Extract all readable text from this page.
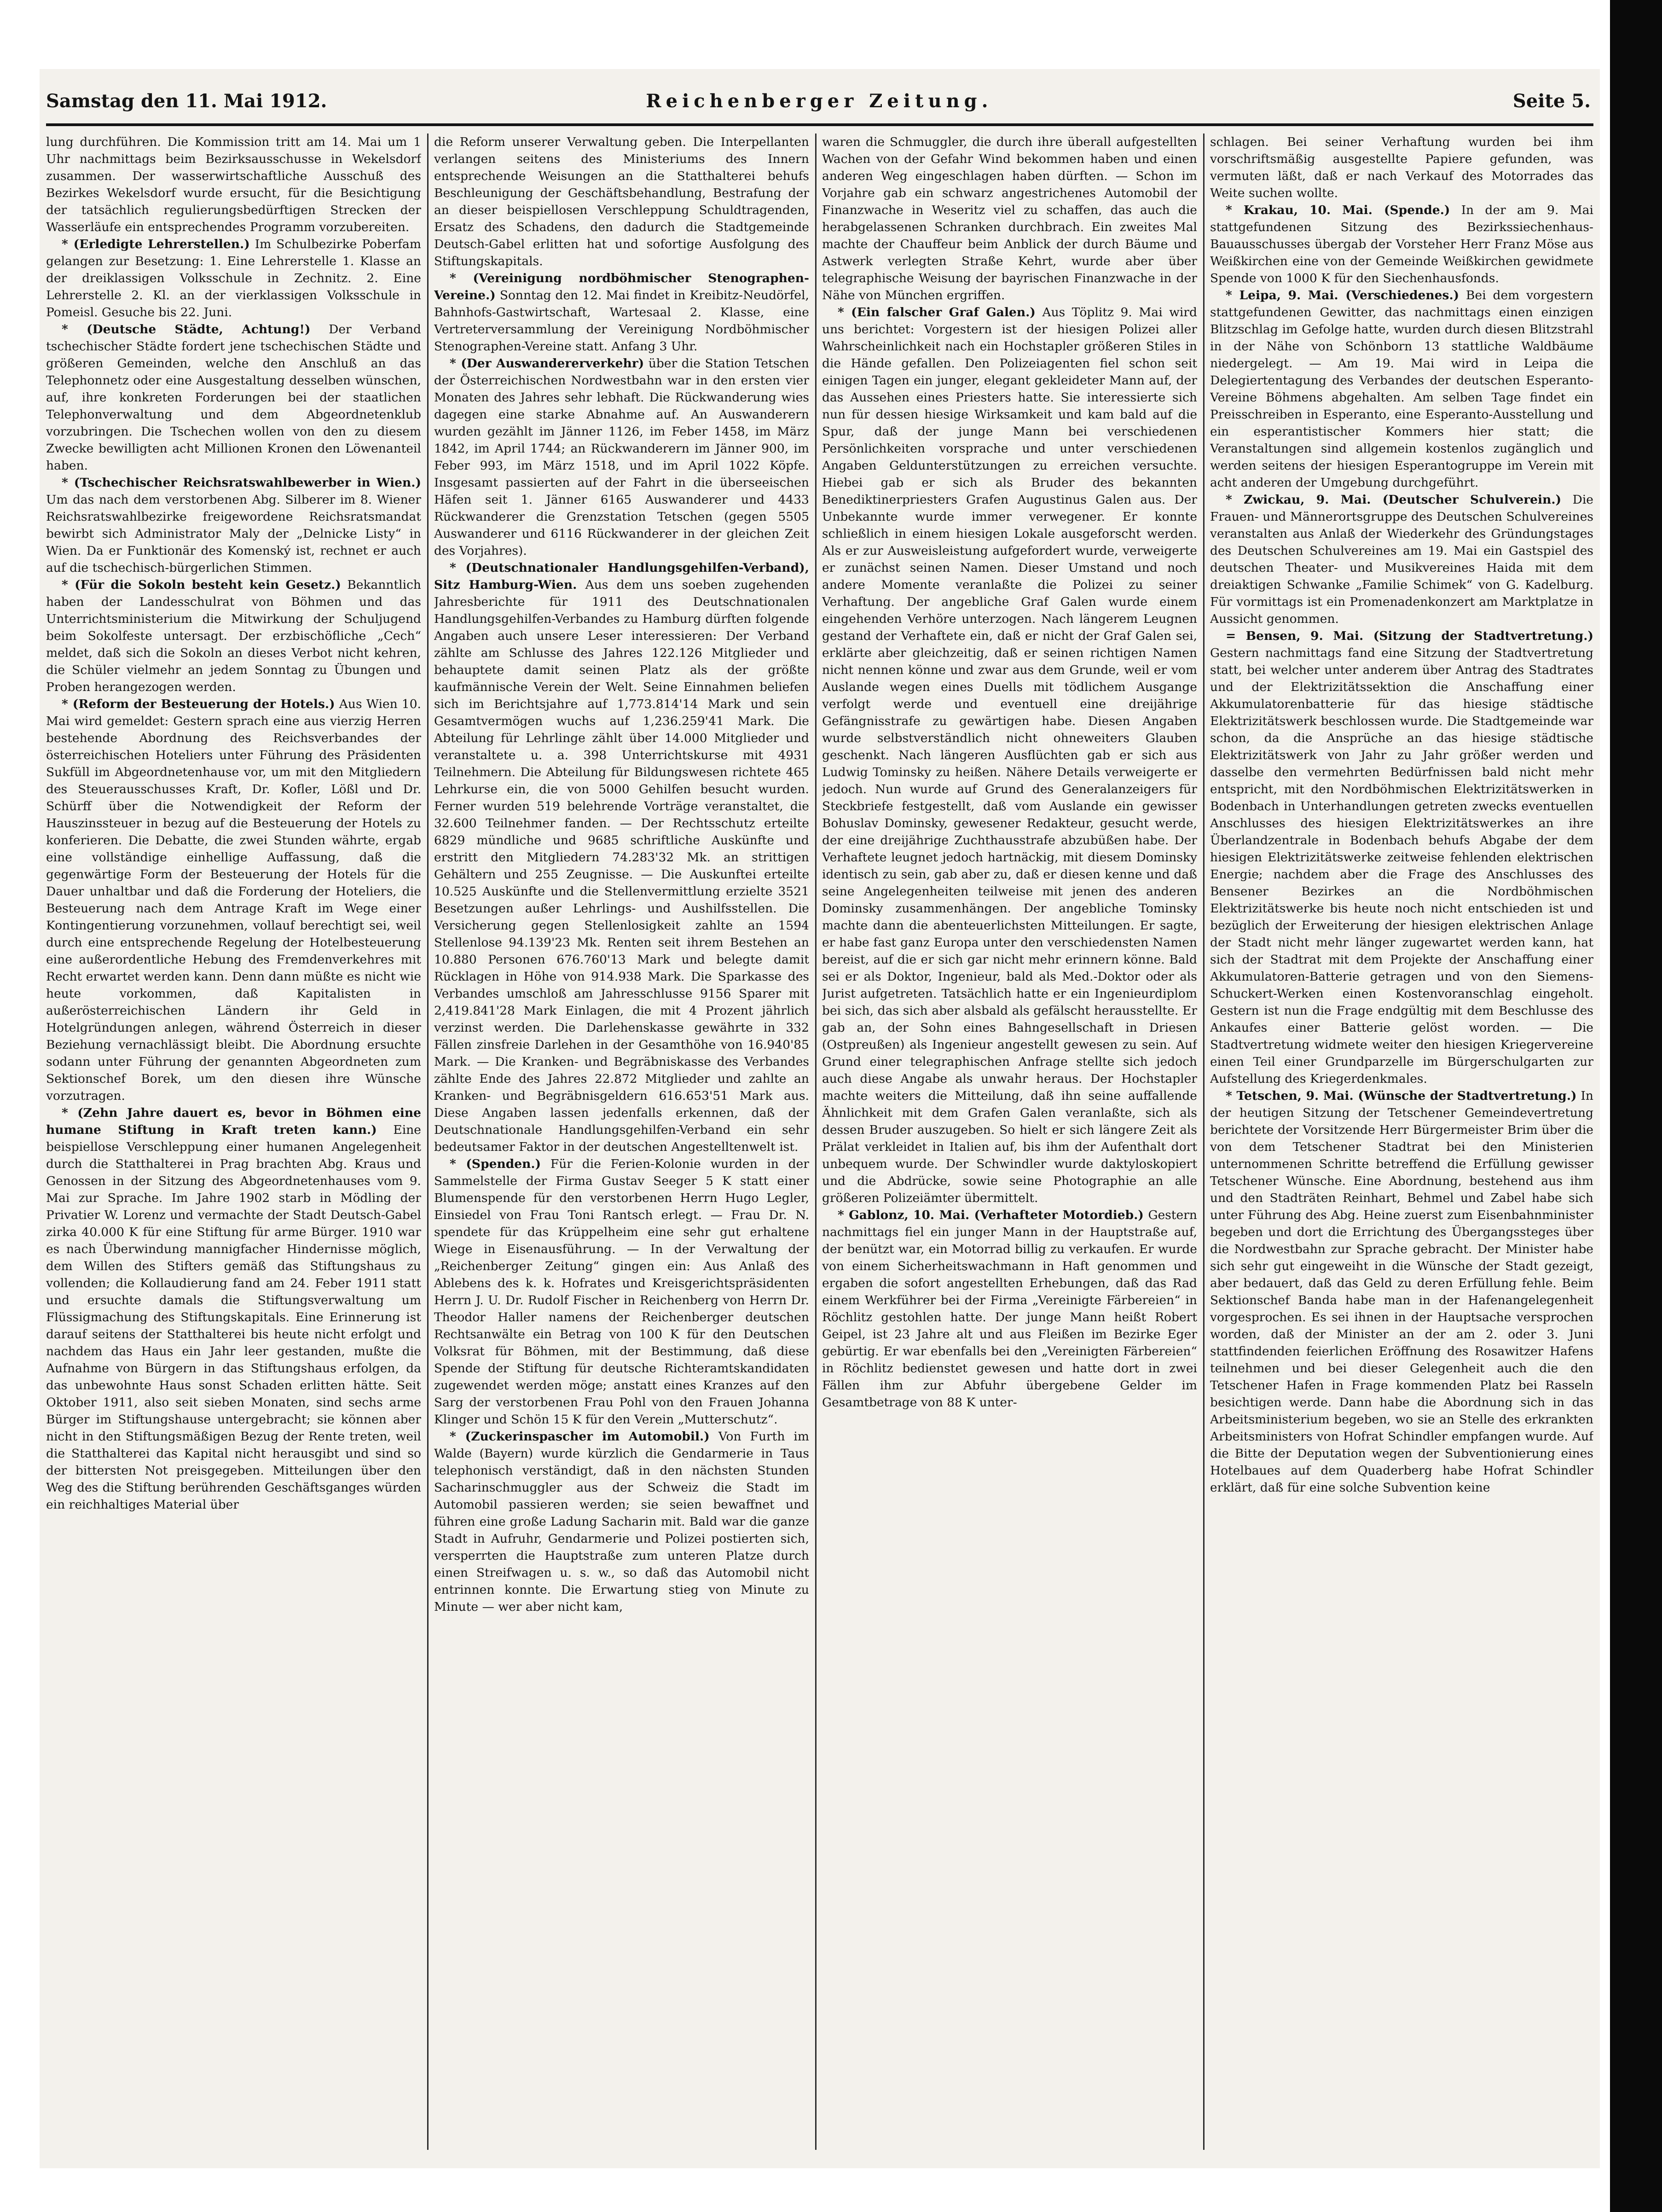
Samstag den 11. Mai 1912.	Reichenberger Zeitung.	Seite 5.

lung durchführen. Die Kommission tritt am 14. Mai um 1 Uhr nachmittags beim Bezirksausschusse in Wekelsdorf zusammen. Der wasserwirtschaftliche Ausschuß des Bezirkes Wekelsdorf wurde ersucht, für die Besichtigung der tatsächlich regulierungsbedürftigen Strecken der Wasserläufe ein entsprechendes Programm vorzubereiten.

* (Erledigte Lehrerstellen.) Im Schulbezirke Poberfam gelangen zur Besetzung: 1. Eine Lehrerstelle 1. Klasse an der dreiklassigen Volksschule in Zechnitz. 2. Eine Lehrerstelle 2. Kl. an der vierklassigen Volksschule in Pomeisl. Gesuche bis 22. Juni.

* (Deutsche Städte, Achtung!) Der Verband tschechischer Städte fordert jene tschechischen Städte und größeren Gemeinden, welche den Anschluß an das Telephonnetz oder eine Ausgestaltung desselben wünschen, auf, ihre konkreten Forderungen bei der staatlichen Telephonverwaltung und dem Abgeordnetenklub vorzubringen. Die Tschechen wollen von den zu diesem Zwecke bewilligten acht Millionen Kronen den Löwenanteil haben.

* (Tschechischer Reichsratswahlbewerber in Wien.) Um das nach dem verstorbenen Abg. Silberer im 8. Wiener Reichsratswahlbezirke freigewordene Reichsratsmandat bewirbt sich Administrator Maly der „Delnicke Listy“ in Wien. Da er Funktionär des Komenský ist, rechnet er auch auf die tschechisch-bürgerlichen Stimmen.

* (Für die Sokoln besteht kein Gesetz.) Bekanntlich haben der Landesschulrat von Böhmen und das Unterrichtsministerium die Mitwirkung der Schuljugend beim Sokolfeste untersagt. Der erzbischöfliche „Cech“ meldet, daß sich die Sokoln an dieses Verbot nicht kehren, die Schüler vielmehr an jedem Sonntag zu Übungen und Proben herangezogen werden.

* (Reform der Besteuerung der Hotels.) Aus Wien 10. Mai wird gemeldet: Gestern sprach eine aus vierzig Herren bestehende Abordnung des Reichsverbandes der österreichischen Hoteliers unter Führung des Präsidenten Sukfüll im Abgeordnetenhause vor, um mit den Mitgliedern des Steuerausschusses Kraft, Dr. Kofler, Lößl und Dr. Schürff über die Notwendigkeit der Reform der Hauszinssteuer in bezug auf die Besteuerung der Hotels zu konferieren. Die Debatte, die zwei Stunden währte, ergab eine vollständige einhellige Auffassung, daß die gegenwärtige Form der Besteuerung der Hotels für die Dauer unhaltbar und daß die Forderung der Hoteliers, die Besteuerung nach dem Antrage Kraft im Wege einer Kontingentierung vorzunehmen, vollauf berechtigt sei, weil durch eine entsprechende Regelung der Hotelbesteuerung eine außerordentliche Hebung des Fremdenverkehres mit Recht erwartet werden kann. Denn dann müßte es nicht wie heute vorkommen, daß Kapitalisten in außerösterreichischen Ländern ihr Geld in Hotelgründungen anlegen, während Österreich in dieser Beziehung vernachlässigt bleibt. Die Abordnung ersuchte sodann unter Führung der genannten Abgeordneten zum Sektionschef Borek, um den diesen ihre Wünsche vorzutragen.

* (Zehn Jahre dauert es, bevor in Böhmen eine humane Stiftung in Kraft treten kann.) Eine beispiellose Verschleppung einer humanen Angelegenheit durch die Statthalterei in Prag brachten Abg. Kraus und Genossen in der Sitzung des Abgeordnetenhauses vom 9. Mai zur Sprache. Im Jahre 1902 starb in Mödling der Privatier W. Lorenz und vermachte der Stadt Deutsch-Gabel zirka 40.000 K für eine Stiftung für arme Bürger. 1910 war es nach Überwindung mannigfacher Hindernisse möglich, dem Willen des Stifters gemäß das Stiftungshaus zu vollenden; die Kollaudierung fand am 24. Feber 1911 statt und ersuchte damals die Stiftungsverwaltung um Flüssigmachung des Stiftungskapitals. Eine Erinnerung ist darauf seitens der Statthalterei bis heute nicht erfolgt und nachdem das Haus ein Jahr leer gestanden, mußte die Aufnahme von Bürgern in das Stiftungshaus erfolgen, da das unbewohnte Haus sonst Schaden erlitten hätte. Seit Oktober 1911, also seit sieben Monaten, sind sechs arme Bürger im Stiftungshause untergebracht; sie können aber nicht in den Stiftungsmäßigen Bezug der Rente treten, weil die Statthalterei das Kapital nicht herausgibt und sind so der bittersten Not preisgegeben. Mitteilungen über den Weg des die Stiftung berührenden Geschäftsganges würden ein reichhaltiges Material über

die Reform unserer Verwaltung geben. Die Interpellanten verlangen seitens des Ministeriums des Innern entsprechende Weisungen an die Statthalterei behufs Beschleunigung der Geschäftsbehandlung, Bestrafung der an dieser beispiellosen Verschleppung Schuldtragenden, Ersatz des Schadens, den dadurch die Stadtgemeinde Deutsch-Gabel erlitten hat und sofortige Ausfolgung des Stiftungskapitals.

* (Vereinigung nordböhmischer Stenographen-Vereine.) Sonntag den 12. Mai findet in Kreibitz-Neudörfel, Bahnhofs-Gastwirtschaft, Wartesaal 2. Klasse, eine Vertreterversammlung der Vereinigung Nordböhmischer Stenographen-Vereine statt. Anfang 3 Uhr.

* (Der Auswandererverkehr) über die Station Tetschen der Österreichischen Nordwestbahn war in den ersten vier Monaten des Jahres sehr lebhaft. Die Rückwanderung wies dagegen eine starke Abnahme auf. An Auswanderern wurden gezählt im Jänner 1126, im Feber 1458, im März 1842, im April 1744; an Rückwanderern im Jänner 900, im Feber 993, im März 1518, und im April 1022 Köpfe. Insgesamt passierten auf der Fahrt in die überseeischen Häfen seit 1. Jänner 6165 Auswanderer und 4433 Rückwanderer die Grenzstation Tetschen (gegen 5505 Auswanderer und 6116 Rückwanderer in der gleichen Zeit des Vorjahres).

* (Deutschnationaler Handlungsgehilfen-Verband), Sitz Hamburg-Wien. Aus dem uns soeben zugehenden Jahresberichte für 1911 des Deutschnationalen Handlungsgehilfen-Verbandes zu Hamburg dürften folgende Angaben auch unsere Leser interessieren: Der Verband zählte am Schlusse des Jahres 122.126 Mitglieder und behauptete damit seinen Platz als der größte kaufmännische Verein der Welt. Seine Einnahmen beliefen sich im Berichtsjahre auf 1,773.814'14 Mark und sein Gesamtvermögen wuchs auf 1,236.259'41 Mark. Die Abteilung für Lehrlinge zählt über 14.000 Mitglieder und veranstaltete u. a. 398 Unterrichtskurse mit 4931 Teilnehmern. Die Abteilung für Bildungswesen richtete 465 Lehrkurse ein, die von 5000 Gehilfen besucht wurden. Ferner wurden 519 belehrende Vorträge veranstaltet, die 32.600 Teilnehmer fanden. — Der Rechtsschutz erteilte 6829 mündliche und 9685 schriftliche Auskünfte und erstritt den Mitgliedern 74.283'32 Mk. an strittigen Gehältern und 255 Zeugnisse. — Die Auskunftei erteilte 10.525 Auskünfte und die Stellenvermittlung erzielte 3521 Besetzungen außer Lehrlings- und Aushilfsstellen. Die Versicherung gegen Stellenlosigkeit zahlte an 1594 Stellenlose 94.139'23 Mk. Renten seit ihrem Bestehen an 10.880 Personen 676.760'13 Mark und belegte damit Rücklagen in Höhe von 914.938 Mark. Die Sparkasse des Verbandes umschloß am Jahresschlusse 9156 Sparer mit 2,419.841'28 Mark Einlagen, die mit 4 Prozent jährlich verzinst werden. Die Darlehenskasse gewährte in 332 Fällen zinsfreie Darlehen in der Gesamthöhe von 16.940'85 Mark. — Die Kranken- und Begräbniskasse des Verbandes zählte Ende des Jahres 22.872 Mitglieder und zahlte an Kranken- und Begräbnisgeldern 616.653'51 Mark aus. Diese Angaben lassen jedenfalls erkennen, daß der Deutschnationale Handlungsgehilfen-Verband ein sehr bedeutsamer Faktor in der deutschen Angestelltenwelt ist.

* (Spenden.) Für die Ferien-Kolonie wurden in der Sammelstelle der Firma Gustav Seeger 5 K statt einer Blumenspende für den verstorbenen Herrn Hugo Legler, Einsiedel von Frau Toni Rantsch erlegt. — Frau Dr. N. spendete für das Krüppelheim eine sehr gut erhaltene Wiege in Eisenausführung. — In der Verwaltung der „Reichenberger Zeitung“ gingen ein: Aus Anlaß des Ablebens des k. k. Hofrates und Kreisgerichtspräsidenten Herrn J. U. Dr. Rudolf Fischer in Reichenberg von Herrn Dr. Theodor Haller namens der Reichenberger deutschen Rechtsanwälte ein Betrag von 100 K für den Deutschen Volksrat für Böhmen, mit der Bestimmung, daß diese Spende der Stiftung für deutsche Richteramtskandidaten zugewendet werden möge; anstatt eines Kranzes auf den Sarg der verstorbenen Frau Pohl von den Frauen Johanna Klinger und Schön 15 K für den Verein „Mutterschutz“.

* (Zuckerinspascher im Automobil.) Von Furth im Walde (Bayern) wurde kürzlich die Gendarmerie in Taus telephonisch verständigt, daß in den nächsten Stunden Sacharinschmuggler aus der Schweiz die Stadt im Automobil passieren werden; sie seien bewaffnet und führen eine große Ladung Sacharin mit. Bald war die ganze Stadt in Aufruhr, Gendarmerie und Polizei postierten sich, versperrten die Hauptstraße zum unteren Platze durch einen Streifwagen u. s. w., so daß das Automobil nicht entrinnen konnte. Die Erwartung stieg von Minute zu Minute — wer aber nicht kam,

waren die Schmuggler, die durch ihre überall aufgestellten Wachen von der Gefahr Wind bekommen haben und einen anderen Weg eingeschlagen haben dürften. — Schon im Vorjahre gab ein schwarz angestrichenes Automobil der Finanzwache in Weseritz viel zu schaffen, das auch die herabgelassenen Schranken durchbrach. Ein zweites Mal machte der Chauffeur beim Anblick der durch Bäume und Astwerk verlegten Straße Kehrt, wurde aber über telegraphische Weisung der bayrischen Finanzwache in der Nähe von München ergriffen.

* (Ein falscher Graf Galen.) Aus Töplitz 9. Mai wird uns berichtet: Vorgestern ist der hiesigen Polizei aller Wahrscheinlichkeit nach ein Hochstapler größeren Stiles in die Hände gefallen. Den Polizeiagenten fiel schon seit einigen Tagen ein junger, elegant gekleideter Mann auf, der das Aussehen eines Priesters hatte. Sie interessierte sich nun für dessen hiesige Wirksamkeit und kam bald auf die Spur, daß der junge Mann bei verschiedenen Persönlichkeiten vorsprache und unter verschiedenen Angaben Geldunterstützungen zu erreichen versuchte. Hiebei gab er sich als Bruder des bekannten Benediktinerpriesters Grafen Augustinus Galen aus. Der Unbekannte wurde immer verwegener. Er konnte schließlich in einem hiesigen Lokale ausgeforscht werden. Als er zur Ausweisleistung aufgefordert wurde, verweigerte er zunächst seinen Namen. Dieser Umstand und noch andere Momente veranlaßte die Polizei zu seiner Verhaftung. Der angebliche Graf Galen wurde einem eingehenden Verhöre unterzogen. Nach längerem Leugnen gestand der Verhaftete ein, daß er nicht der Graf Galen sei, erklärte aber gleichzeitig, daß er seinen richtigen Namen nicht nennen könne und zwar aus dem Grunde, weil er vom Auslande wegen eines Duells mit tödlichem Ausgange verfolgt werde und eventuell eine dreijährige Gefängnisstrafe zu gewärtigen habe. Diesen Angaben wurde selbstverständlich nicht ohneweiters Glauben geschenkt. Nach längeren Ausflüchten gab er sich aus Ludwig Tominsky zu heißen. Nähere Details verweigerte er jedoch. Nun wurde auf Grund des Generalanzeigers für Steckbriefe festgestellt, daß vom Auslande ein gewisser Bohuslav Dominsky, gewesener Redakteur, gesucht werde, der eine dreijährige Zuchthausstrafe abzubüßen habe. Der Verhaftete leugnet jedoch hartnäckig, mit diesem Dominsky identisch zu sein, gab aber zu, daß er diesen kenne und daß seine Angelegenheiten teilweise mit jenen des anderen Dominsky zusammenhängen. Der angebliche Tominsky machte dann die abenteuerlichsten Mitteilungen. Er sagte, er habe fast ganz Europa unter den verschiedensten Namen bereist, auf die er sich gar nicht mehr erinnern könne. Bald sei er als Doktor, Ingenieur, bald als Med.-Doktor oder als Jurist aufgetreten. Tatsächlich hatte er ein Ingenieurdiplom bei sich, das sich aber alsbald als gefälscht herausstellte. Er gab an, der Sohn eines Bahngesellschaft in Driesen (Ostpreußen) als Ingenieur angestellt gewesen zu sein. Auf Grund einer telegraphischen Anfrage stellte sich jedoch auch diese Angabe als unwahr heraus. Der Hochstapler machte weiters die Mitteilung, daß ihn seine auffallende Ähnlichkeit mit dem Grafen Galen veranlaßte, sich als dessen Bruder auszugeben. So hielt er sich längere Zeit als Prälat verkleidet in Italien auf, bis ihm der Aufenthalt dort unbequem wurde. Der Schwindler wurde daktyloskopiert und die Abdrücke, sowie seine Photographie an alle größeren Polizeiämter übermittelt.

* Gablonz, 10. Mai. (Verhafteter Motordieb.) Gestern nachmittags fiel ein junger Mann in der Hauptstraße auf, der benützt war, ein Motorrad billig zu verkaufen. Er wurde von einem Sicherheitswachmann in Haft genommen und ergaben die sofort angestellten Erhebungen, daß das Rad einem Werkführer bei der Firma „Vereinigte Färbereien“ in Röchlitz gestohlen hatte. Der junge Mann heißt Robert Geipel, ist 23 Jahre alt und aus Fleißen im Bezirke Eger gebürtig. Er war ebenfalls bei den „Vereinigten Färbereien“ in Röchlitz bedienstet gewesen und hatte dort in zwei Fällen ihm zur Abfuhr übergebene Gelder im Gesamtbetrage von 88 K unter-

schlagen. Bei seiner Verhaftung wurden bei ihm vorschriftsmäßig ausgestellte Papiere gefunden, was vermuten läßt, daß er nach Verkauf des Motorrades das Weite suchen wollte.

* Krakau, 10. Mai. (Spende.) In der am 9. Mai stattgefundenen Sitzung des Bezirkssiechenhaus-Bauausschusses übergab der Vorsteher Herr Franz Möse aus Weißkirchen eine von der Gemeinde Weißkirchen gewidmete Spende von 1000 K für den Siechenhausfonds.

* Leipa, 9. Mai. (Verschiedenes.) Bei dem vorgestern stattgefundenen Gewitter, das nachmittags einen einzigen Blitzschlag im Gefolge hatte, wurden durch diesen Blitzstrahl in der Nähe von Schönborn 13 stattliche Waldbäume niedergelegt. — Am 19. Mai wird in Leipa die Delegiertentagung des Verbandes der deutschen Esperanto-Vereine Böhmens abgehalten. Am selben Tage findet ein Preisschreiben in Esperanto, eine Esperanto-Ausstellung und ein esperantistischer Kommers hier statt; die Veranstaltungen sind allgemein kostenlos zugänglich und werden seitens der hiesigen Esperantogruppe im Verein mit acht anderen der Umgebung durchgeführt.

* Zwickau, 9. Mai. (Deutscher Schulverein.) Die Frauen- und Männerortsgruppe des Deutschen Schulvereines veranstalten aus Anlaß der Wiederkehr des Gründungstages des Deutschen Schulvereines am 19. Mai ein Gastspiel des deutschen Theater- und Musikvereines Haida mit dem dreiaktigen Schwanke „Familie Schimek“ von G. Kadelburg. Für vormittags ist ein Promenadenkonzert am Marktplatze in Aussicht genommen.

= Bensen, 9. Mai. (Sitzung der Stadtvertretung.) Gestern nachmittags fand eine Sitzung der Stadtvertretung statt, bei welcher unter anderem über Antrag des Stadtrates und der Elektrizitätssektion die Anschaffung einer Akkumulatorenbatterie für das hiesige städtische Elektrizitätswerk beschlossen wurde. Die Stadtgemeinde war schon, da die Ansprüche an das hiesige städtische Elektrizitätswerk von Jahr zu Jahr größer werden und dasselbe den vermehrten Bedürfnissen bald nicht mehr entspricht, mit den Nordböhmischen Elektrizitätswerken in Bodenbach in Unterhandlungen getreten zwecks eventuellen Anschlusses des hiesigen Elektrizitätswerkes an ihre Überlandzentrale in Bodenbach behufs Abgabe der dem hiesigen Elektrizitätswerke zeitweise fehlenden elektrischen Energie; nachdem aber die Frage des Anschlusses des Bensener Bezirkes an die Nordböhmischen Elektrizitätswerke bis heute noch nicht entschieden ist und bezüglich der Erweiterung der hiesigen elektrischen Anlage der Stadt nicht mehr länger zugewartet werden kann, hat sich der Stadtrat mit dem Projekte der Anschaffung einer Akkumulatoren-Batterie getragen und von den Siemens-Schuckert-Werken einen Kostenvoranschlag eingeholt. Gestern ist nun die Frage endgültig mit dem Beschlusse des Ankaufes einer Batterie gelöst worden. — Die Stadtvertretung widmete weiter den hiesigen Kriegervereine einen Teil einer Grundparzelle im Bürgerschulgarten zur Aufstellung des Kriegerdenkmales.

* Tetschen, 9. Mai. (Wünsche der Stadtvertretung.) In der heutigen Sitzung der Tetschener Gemeindevertretung berichtete der Vorsitzende Herr Bürgermeister Brim über die von dem Tetschener Stadtrat bei den Ministerien unternommenen Schritte betreffend die Erfüllung gewisser Tetschener Wünsche. Eine Abordnung, bestehend aus ihm und den Stadträten Reinhart, Behmel und Zabel habe sich unter Führung des Abg. Heine zuerst zum Eisenbahnminister begeben und dort die Errichtung des Übergangssteges über die Nordwestbahn zur Sprache gebracht. Der Minister habe sich sehr gut eingeweiht in die Wünsche der Stadt gezeigt, aber bedauert, daß das Geld zu deren Erfüllung fehle. Beim Sektionschef Banda habe man in der Hafenangelegenheit vorgesprochen. Es sei ihnen in der Hauptsache versprochen worden, daß der Minister an der am 2. oder 3. Juni stattfindenden feierlichen Eröffnung des Rosawitzer Hafens teilnehmen und bei dieser Gelegenheit auch die den Tetschener Hafen in Frage kommenden Platz bei Rasseln besichtigen werde. Dann habe die Abordnung sich in das Arbeitsministerium begeben, wo sie an Stelle des erkrankten Arbeitsministers von Hofrat Schindler empfangen wurde. Auf die Bitte der Deputation wegen der Subventionierung eines Hotelbaues auf dem Quaderberg habe Hofrat Schindler erklärt, daß für eine solche Subvention keine
